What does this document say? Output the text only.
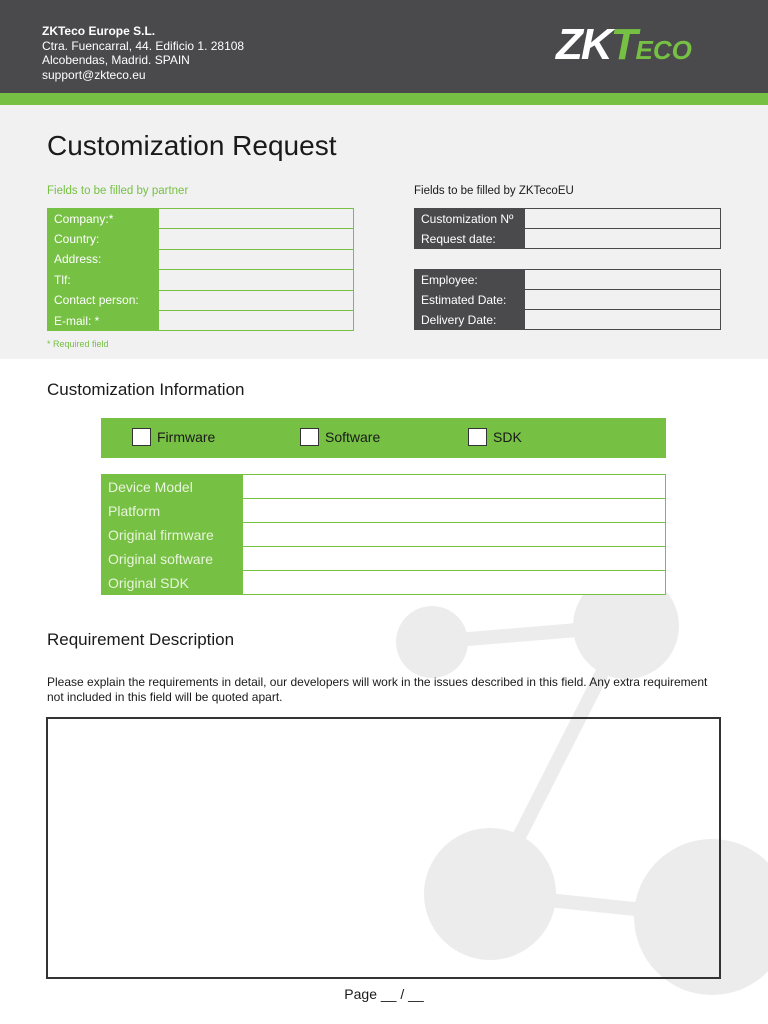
ZKTeco Europe S.L.
Ctra. Fuencarral, 44. Edificio 1. 28108
Alcobendas, Madrid. SPAIN
support@zkteco.eu
ZKTECO
Customization Request
Fields to be filled by partner	Fields to be filled by ZKTecoEU
Company:*	
Country:	
Address:	
Tlf:	
Contact person:	
E-mail: *	
Customization Nº	
Request date:	
Employee:	
Estimated Date:	
Delivery Date:	
* Required field
Customization Information
Firmware	Software	SDK
Device Model	
Platform	
Original firmware	
Original software	
Original SDK	
Requirement Description
Please explain the requirements in detail, our developers will work in the issues described in this field. Any extra requirement not included in this field will be quoted apart.
Page __ / __
